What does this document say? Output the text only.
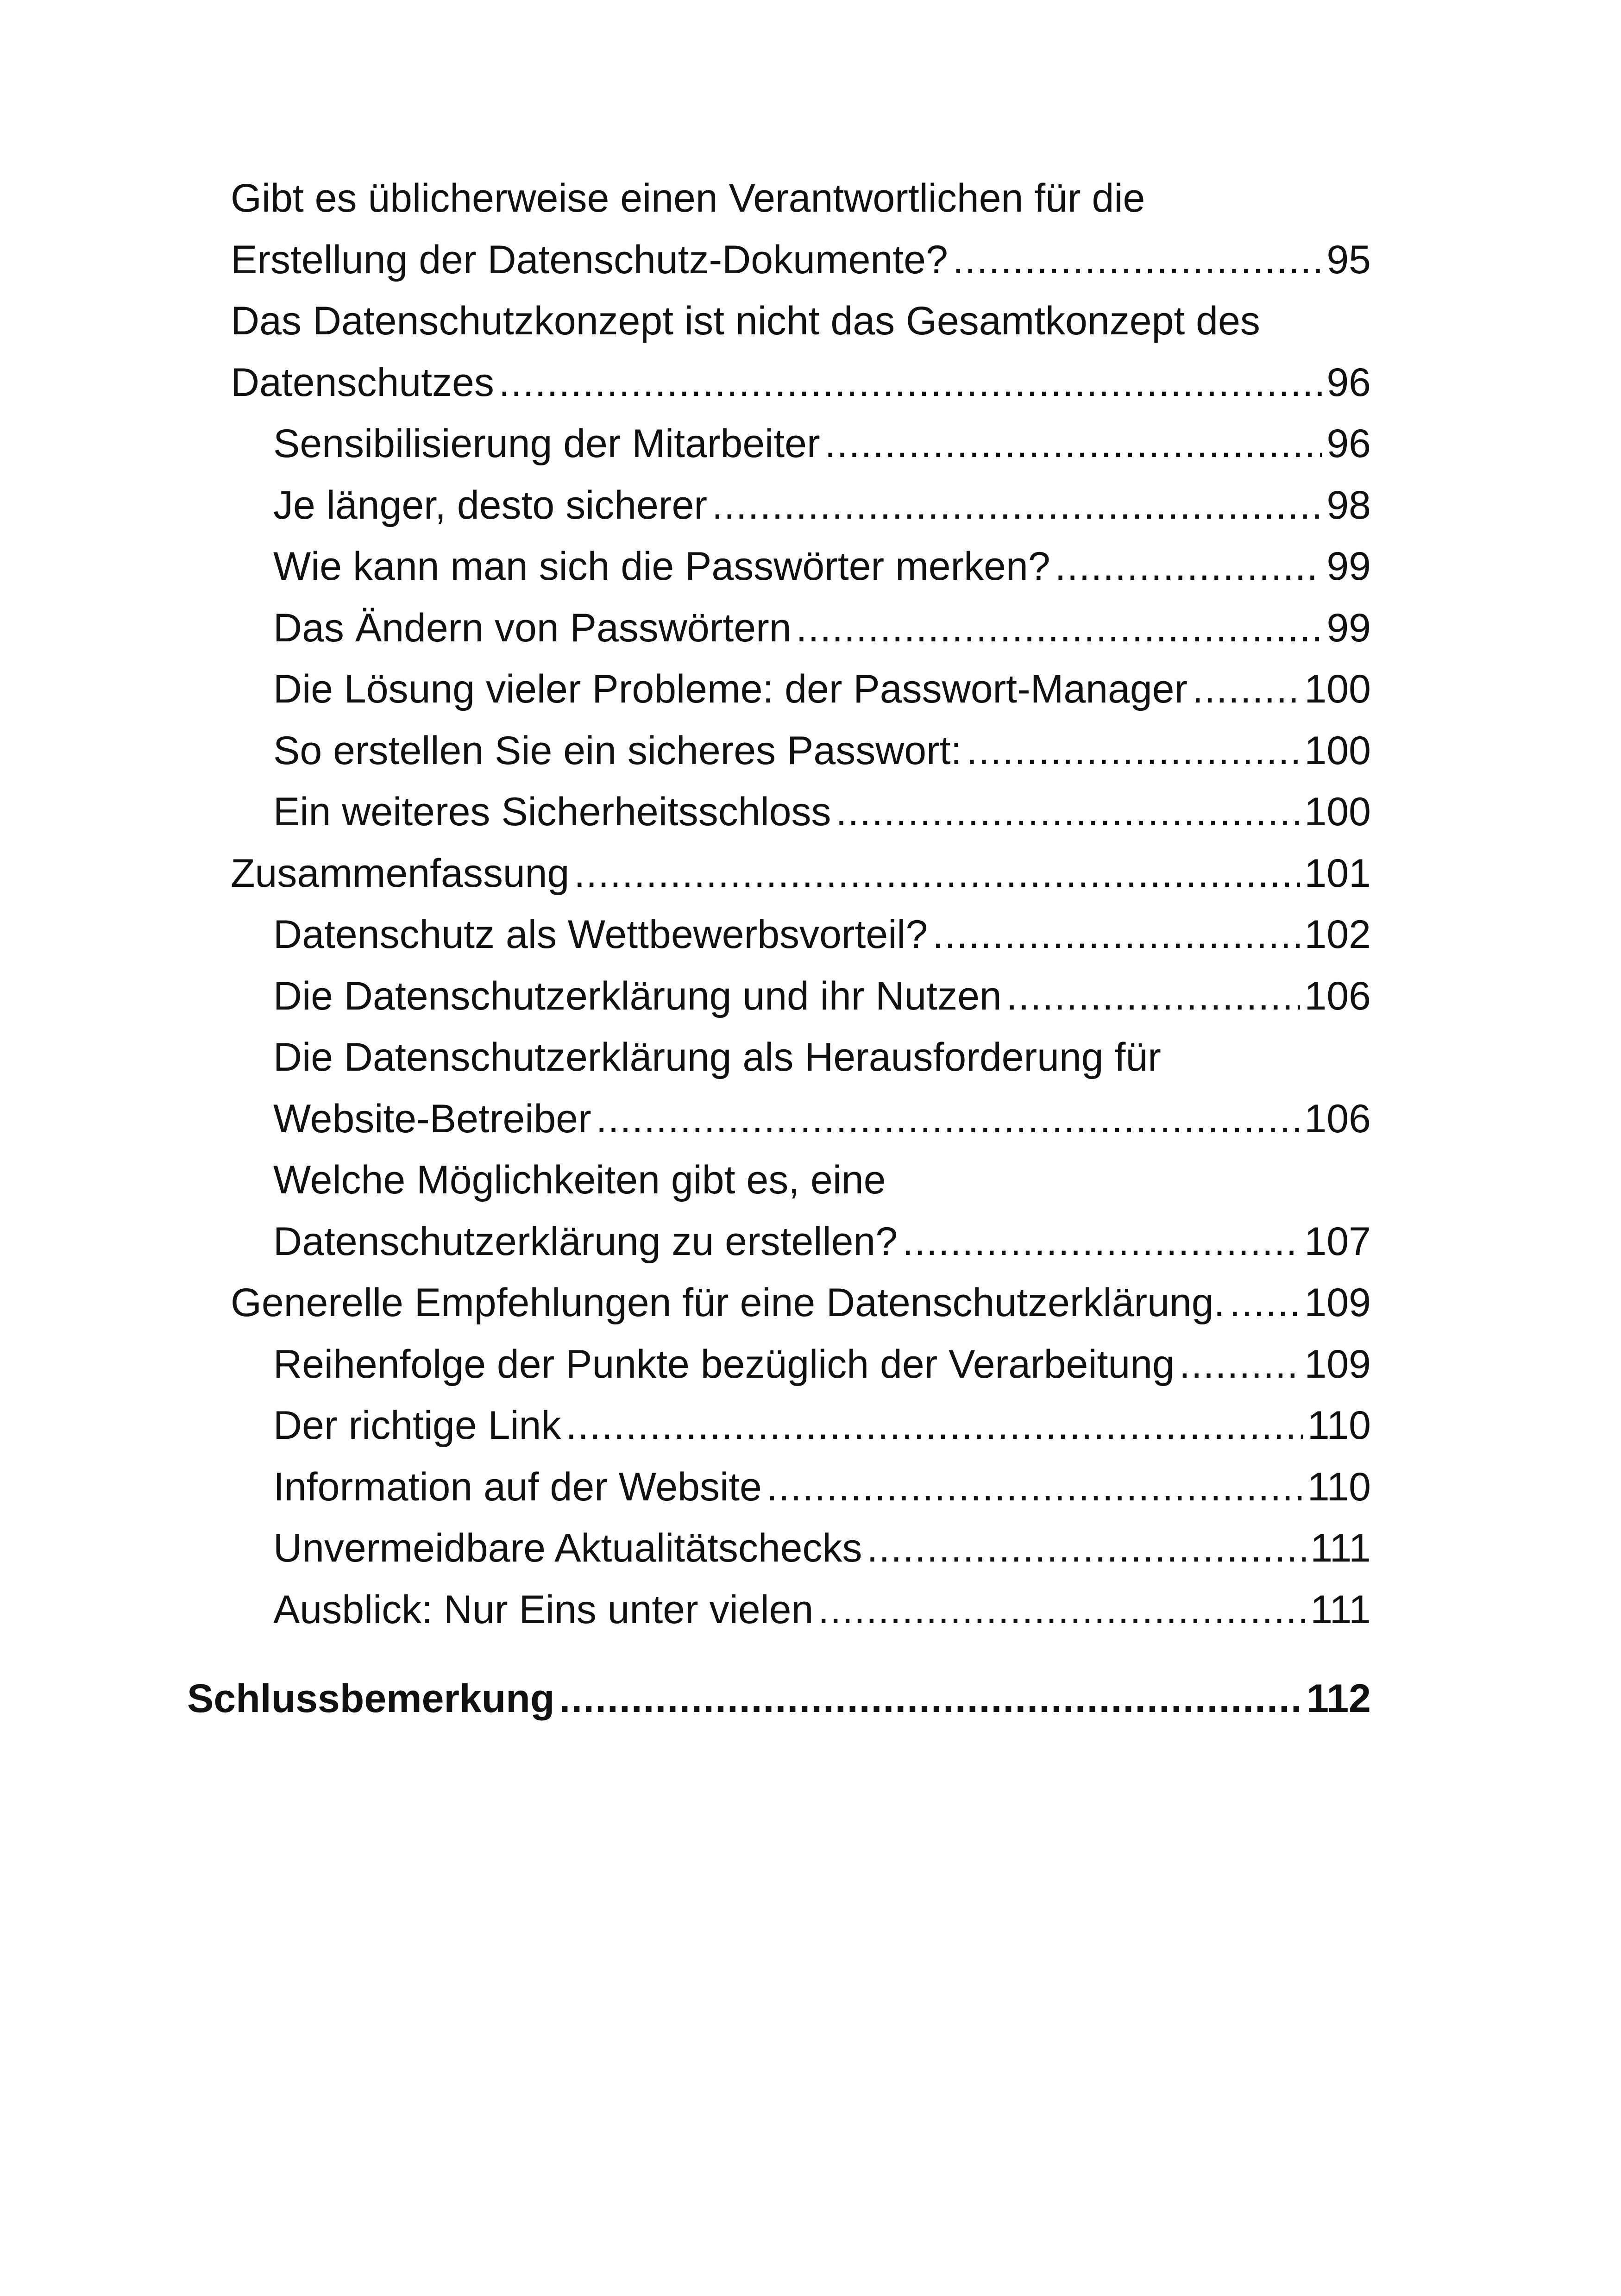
Gibt es üblicherweise einen Verantwortlichen für die
Erstellung der Datenschutz-Dokumente? .....	95
Das Datenschutzkonzept ist nicht das Gesamtkonzept des
Datenschutzes .....	96
Sensibilisierung der Mitarbeiter .....	96
Je länger, desto sicherer .....	98
Wie kann man sich die Passwörter merken? .....	99
Das Ändern von Passwörtern .....	99
Die Lösung vieler Probleme: der Passwort-Manager .....	100
So erstellen Sie ein sicheres Passwort: .....	100
Ein weiteres Sicherheitsschloss .....	100
Zusammenfassung .....	101
Datenschutz als Wettbewerbsvorteil? .....	102
Die Datenschutzerklärung und ihr Nutzen .....	106
Die Datenschutzerklärung als Herausforderung für
Website-Betreiber .....	106
Welche Möglichkeiten gibt es, eine
Datenschutzerklärung zu erstellen? .....	107
Generelle Empfehlungen für eine Datenschutzerklärung. ..... 109
Reihenfolge der Punkte bezüglich der Verarbeitung .....	109
Der richtige Link .....	110
Information auf der Website .....	110
Unvermeidbare Aktualitätschecks .....	111
Ausblick: Nur Eins unter vielen .....	111
Schlussbemerkung .....	112
